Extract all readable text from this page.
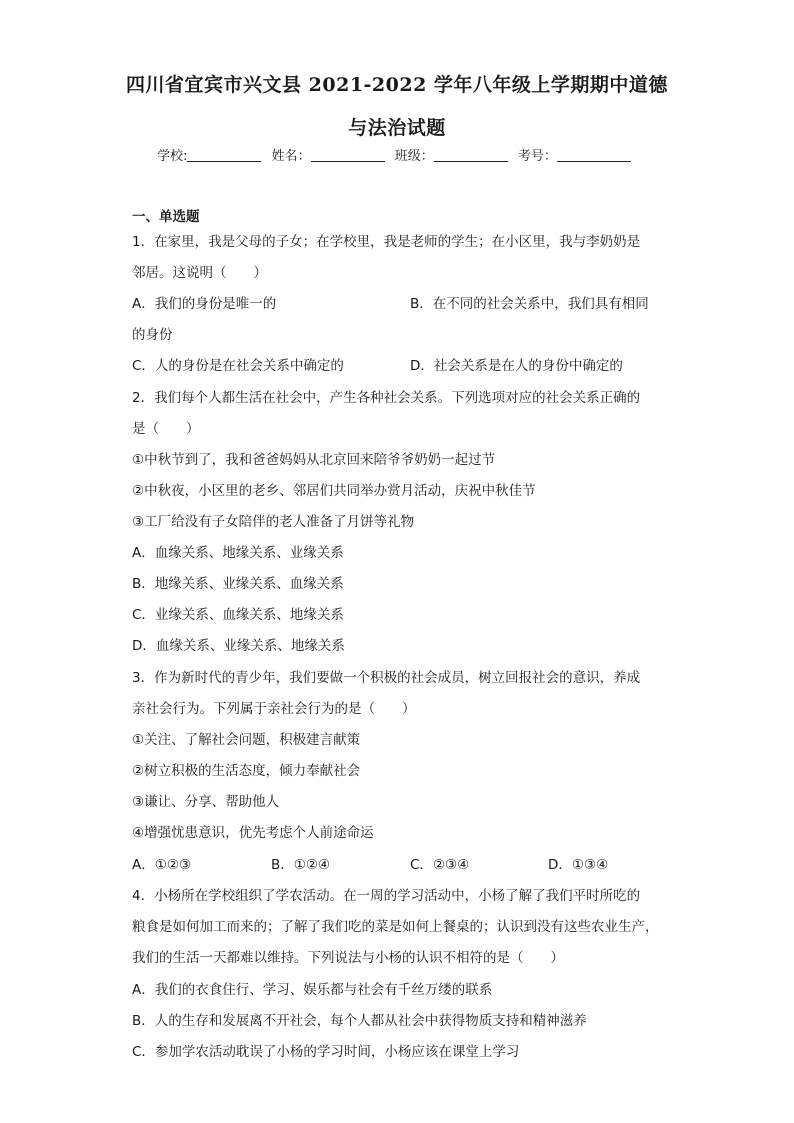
四川省宜宾市兴文县 2021-2022 学年八年级上学期期中道德
与法治试题
学校:	姓名：	班级：	考号：
一、单选题
1．在家里，我是父母的子女；在学校里，我是老师的学生；在小区里，我与李奶奶是
邻居。这说明（　　）
A．我们的身份是唯一的	B．在不同的社会关系中，我们具有相同
的身份
C．人的身份是在社会关系中确定的	D．社会关系是在人的身份中确定的
2．我们每个人都生活在社会中，产生各种社会关系。下列选项对应的社会关系正确的
是（　　）
①中秋节到了，我和爸爸妈妈从北京回来陪爷爷奶奶一起过节
②中秋夜，小区里的老乡、邻居们共同举办赏月活动，庆祝中秋佳节
③工厂给没有子女陪伴的老人准备了月饼等礼物
A．血缘关系、地缘关系、业缘关系
B．地缘关系、业缘关系、血缘关系
C．业缘关系、血缘关系、地缘关系
D．血缘关系、业缘关系、地缘关系
3．作为新时代的青少年，我们要做一个积极的社会成员，树立回报社会的意识，养成
亲社会行为。下列属于亲社会行为的是（　　）
①关注、了解社会问题，积极建言献策
②树立积极的生活态度，倾力奉献社会
③谦让、分享、帮助他人
④增强忧患意识，优先考虑个人前途命运
A．①②③	B．①②④	C．②③④	D．①③④
4．小杨所在学校组织了学农活动。在一周的学习活动中，小杨了解了我们平时所吃的
粮食是如何加工而来的；了解了我们吃的菜是如何上餐桌的；认识到没有这些农业生产，
我们的生活一天都难以维持。下列说法与小杨的认识不相符的是（　　）
A．我们的衣食住行、学习、娱乐都与社会有千丝万缕的联系
B．人的生存和发展离不开社会，每个人都从社会中获得物质支持和精神滋养
C．参加学农活动耽误了小杨的学习时间，小杨应该在课堂上学习
